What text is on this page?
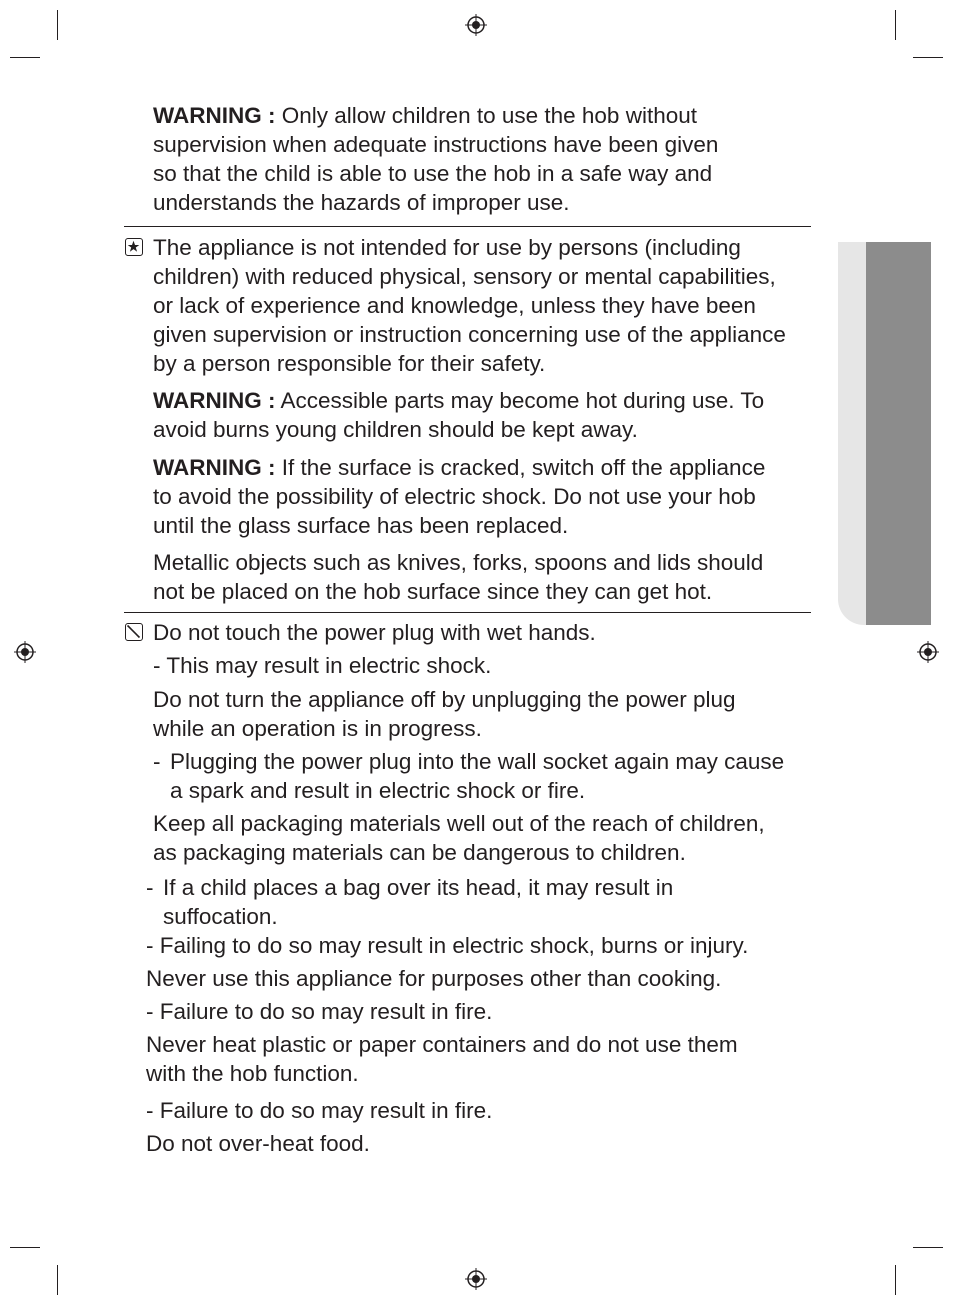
WARNING : Only allow children to use the hob without
supervision when adequate instructions have been given
so that the child is able to use the hob in a safe way and
understands the hazards of improper use.
The appliance is not intended for use by persons (including
children) with reduced physical, sensory or mental capabilities,
or lack of experience and knowledge, unless they have been
given supervision or instruction concerning use of the appliance
by a person responsible for their safety.
WARNING : Accessible parts may become hot during use. To
avoid burns young children should be kept away.
WARNING : If the surface is cracked, switch off the appliance
to avoid the possibility of electric shock. Do not use your hob
until the glass surface has been replaced.
Metallic objects such as knives, forks, spoons and lids should
not be placed on the hob surface since they can get hot.
Do not touch the power plug with wet hands.
- This may result in electric shock.
Do not turn the appliance off by unplugging the power plug
while an operation is in progress.
- Plugging the power plug into the wall socket again may cause
a spark and result in electric shock or fire.
Keep all packaging materials well out of the reach of children,
as packaging materials can be dangerous to children.
- If a child places a bag over its head, it may result in
suffocation.
- Failing to do so may result in electric shock, burns or injury.
Never use this appliance for purposes other than cooking.
- Failure to do so may result in fire.
Never heat plastic or paper containers and do not use them
with the hob function.
- Failure to do so may result in fire.
Do not over-heat food.
